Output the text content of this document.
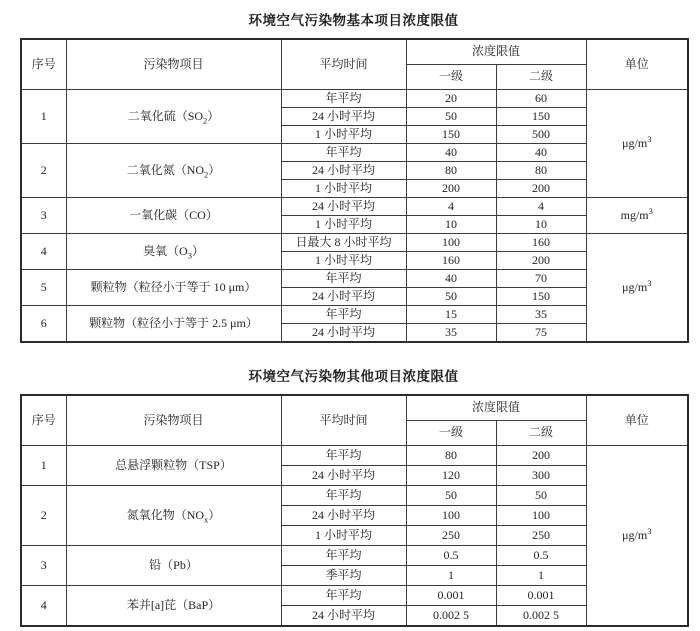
环境空气污染物基本项目浓度限值
序号	污染物项目	平均时间	浓度限值		单位
			一级	二级	
1	二氧化硫$(SO_2)$	年平均	20	60	$\mu g/m^3$
		24 小时平均	50	150	
		1 小时平均	150	500	
2	二氧化氮$(NO_2)$	年平均	40	40	
		24 小时平均	80	80	
		1 小时平均	200	200	
3	一氧化碳（CO）	24 小时平均	4	4	$mg/m^3$
		1 小时平均	10	10	
4	臭氧$(O_3)$	日最大 8 小时平均	100	160	$\mu g/m^3$
		1 小时平均	160	200	
5	颗粒物（粒径小于等于 10 μm）	年平均	40	70	
		24 小时平均	50	150	
6	颗粒物（粒径小于等于 2.5 μm）	年平均	15	35	
		24 小时平均	35	75	
环境空气污染物其他项目浓度限值
序号	污染物项目	平均时间	浓度限值		单位
			一级	二级	
1	总悬浮颗粒物（TSP）	年平均	80	200	$\mu g/m^3$
		24 小时平均	120	300	
2	氮氧化物$(NO_x)$	年平均	50	50	
		24 小时平均	100	100	
		1 小时平均	250	250	
3	铅（Pb）	年平均	0.5	0.5	
		季平均	1	1	
4	苯并[a]芘（BaP）	年平均	0.001	0.001	
		24 小时平均	0.002 5	0.002 5	
